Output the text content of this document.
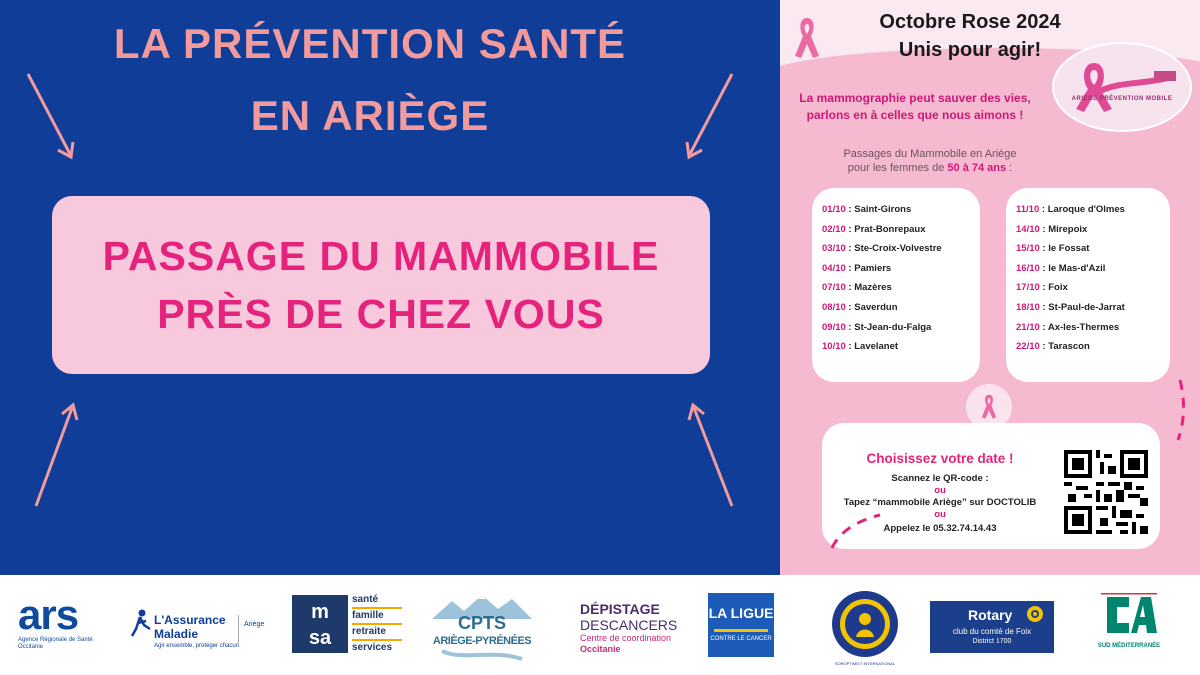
LA PRÉVENTION SANTÉ
EN ARIÈGE
PASSAGE DU MAMMOBILE
PRÈS DE CHEZ VOUS
Octobre Rose 2024
Unis pour agir!
ARIÈGE PRÉVENTION MOBILE
La mammographie peut sauver des vies,
parlons en à celles que nous aimons !
Passages du Mammobile en Ariège
pour les femmes de 50 à 74 ans :
01/10 : Saint-Girons
02/10 : Prat-Bonrepaux
03/10 : Ste-Croix-Volvestre
04/10 : Pamiers
07/10 : Mazères
08/10 : Saverdun
09/10 : St-Jean-du-Falga
10/10 : Lavelanet
11/10 : Laroque d'Olmes
14/10 : Mirepoix
15/10 : le Fossat
16/10 : le Mas-d'Azil
17/10 : Foix
18/10 : St-Paul-de-Jarrat
21/10 : Ax-les-Thermes
22/10 : Tarascon
Choisissez votre date !
Scannez le QR-code :
ou
Tapez “mammobile Ariège” sur DOCTOLIB
ou
Appelez le 05.32.74.14.43
ars
Agence Régionale de Santé
Occitanie
L'Assurance
Maladie
Agir ensemble, protéger chacun
Ariège
m
sa
santé
famille
retraite
services
CPTS
ARIÈGE-PYRÉNÉES
DÉPISTAGE
DESCANCERS
Centre de coordination
Occitanie
LA LIGUE
CONTRE LE CANCER
SOROPTIMIST INTERNATIONAL
Rotary
club du comté de Foix
District 1700
SUD MÉDITERRANÉE
